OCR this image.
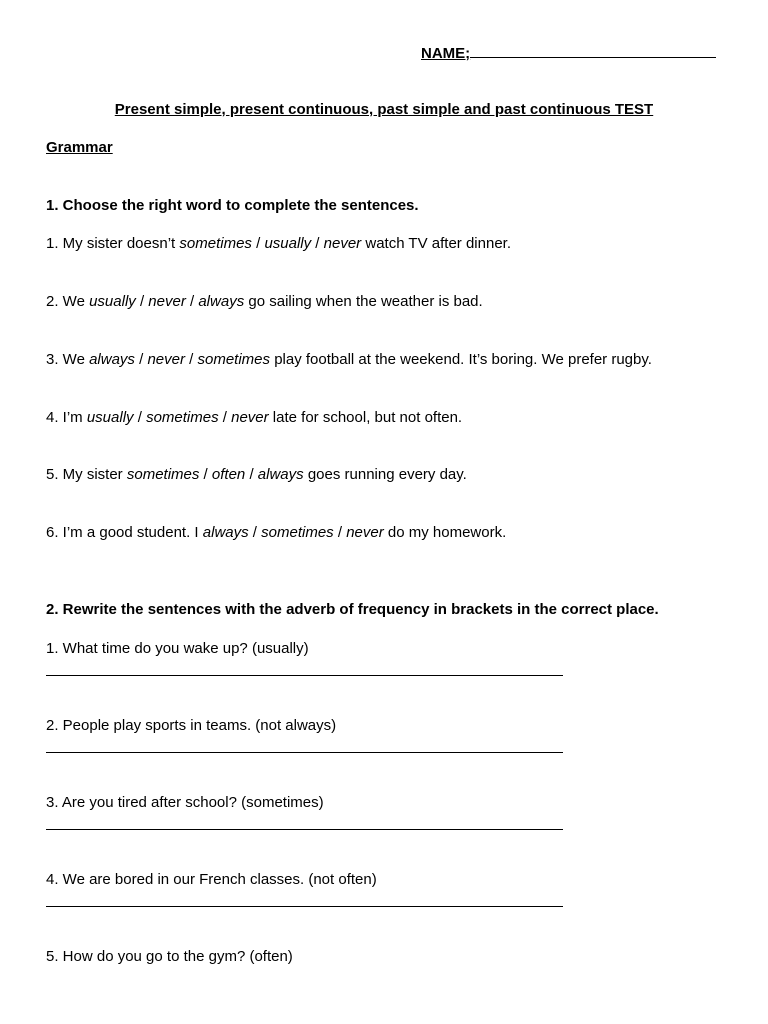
NAME;
Present simple, present continuous, past simple and past continuous TEST
Grammar
1. Choose the right word to complete the sentences.
1. My sister doesn’t sometimes / usually / never watch TV after dinner.
2. We usually / never / always go sailing when the weather is bad.
3. We always / never / sometimes play football at the weekend. It’s boring. We prefer rugby.
4. I’m usually / sometimes / never late for school, but not often.
5. My sister sometimes / often / always goes running every day.
6. I’m a good student. I always / sometimes / never do my homework.
2. Rewrite the sentences with the adverb of frequency in brackets in the correct place.
1. What time do you wake up? (usually)
2. People play sports in teams. (not always)
3. Are you tired after school? (sometimes)
4. We are bored in our French classes. (not often)
5. How do you go to the gym? (often)
